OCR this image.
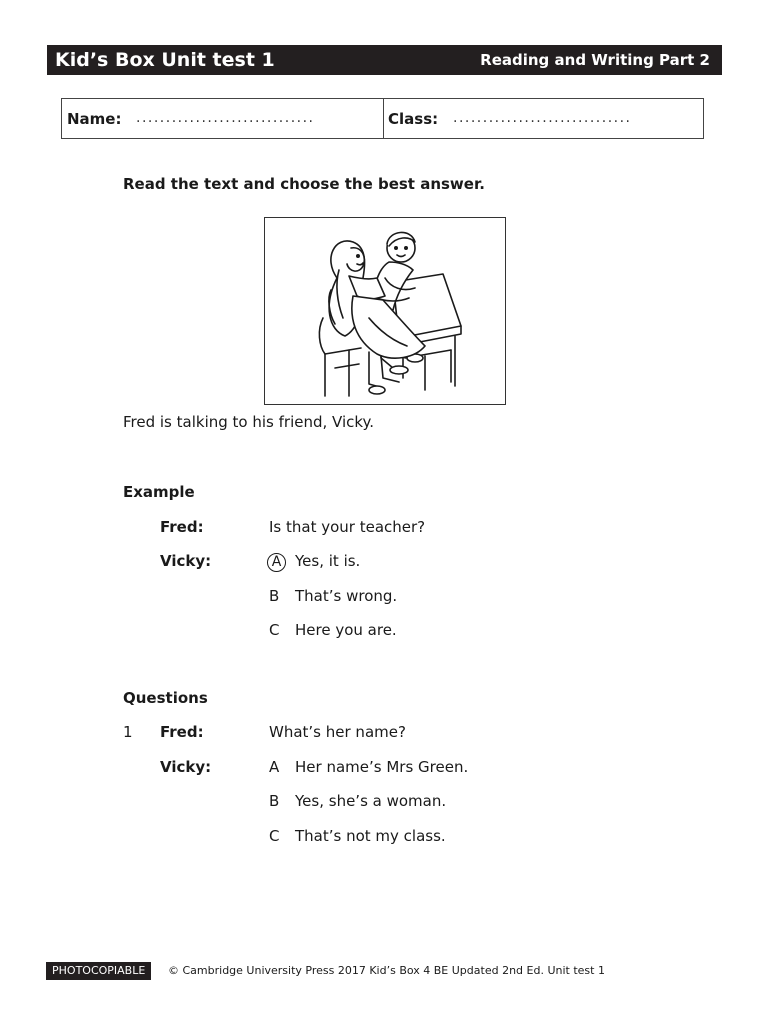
Kid’s Box Unit test 1	Reading and Writing Part 2
Name: ..............................	Class: ..............................
Read the text and choose the best answer.
Fred is talking to his friend, Vicky.
Example
Fred:	Is that your teacher?
Vicky:	A Yes, it is.
B That’s wrong.
C Here you are.
Questions
1 Fred:	What’s her name?
Vicky:	A Her name’s Mrs Green.
B Yes, she’s a woman.
C That’s not my class.
PHOTOCOPIABLE	© Cambridge University Press 2017 Kid’s Box 4 BE Updated 2nd Ed. Unit test 1
